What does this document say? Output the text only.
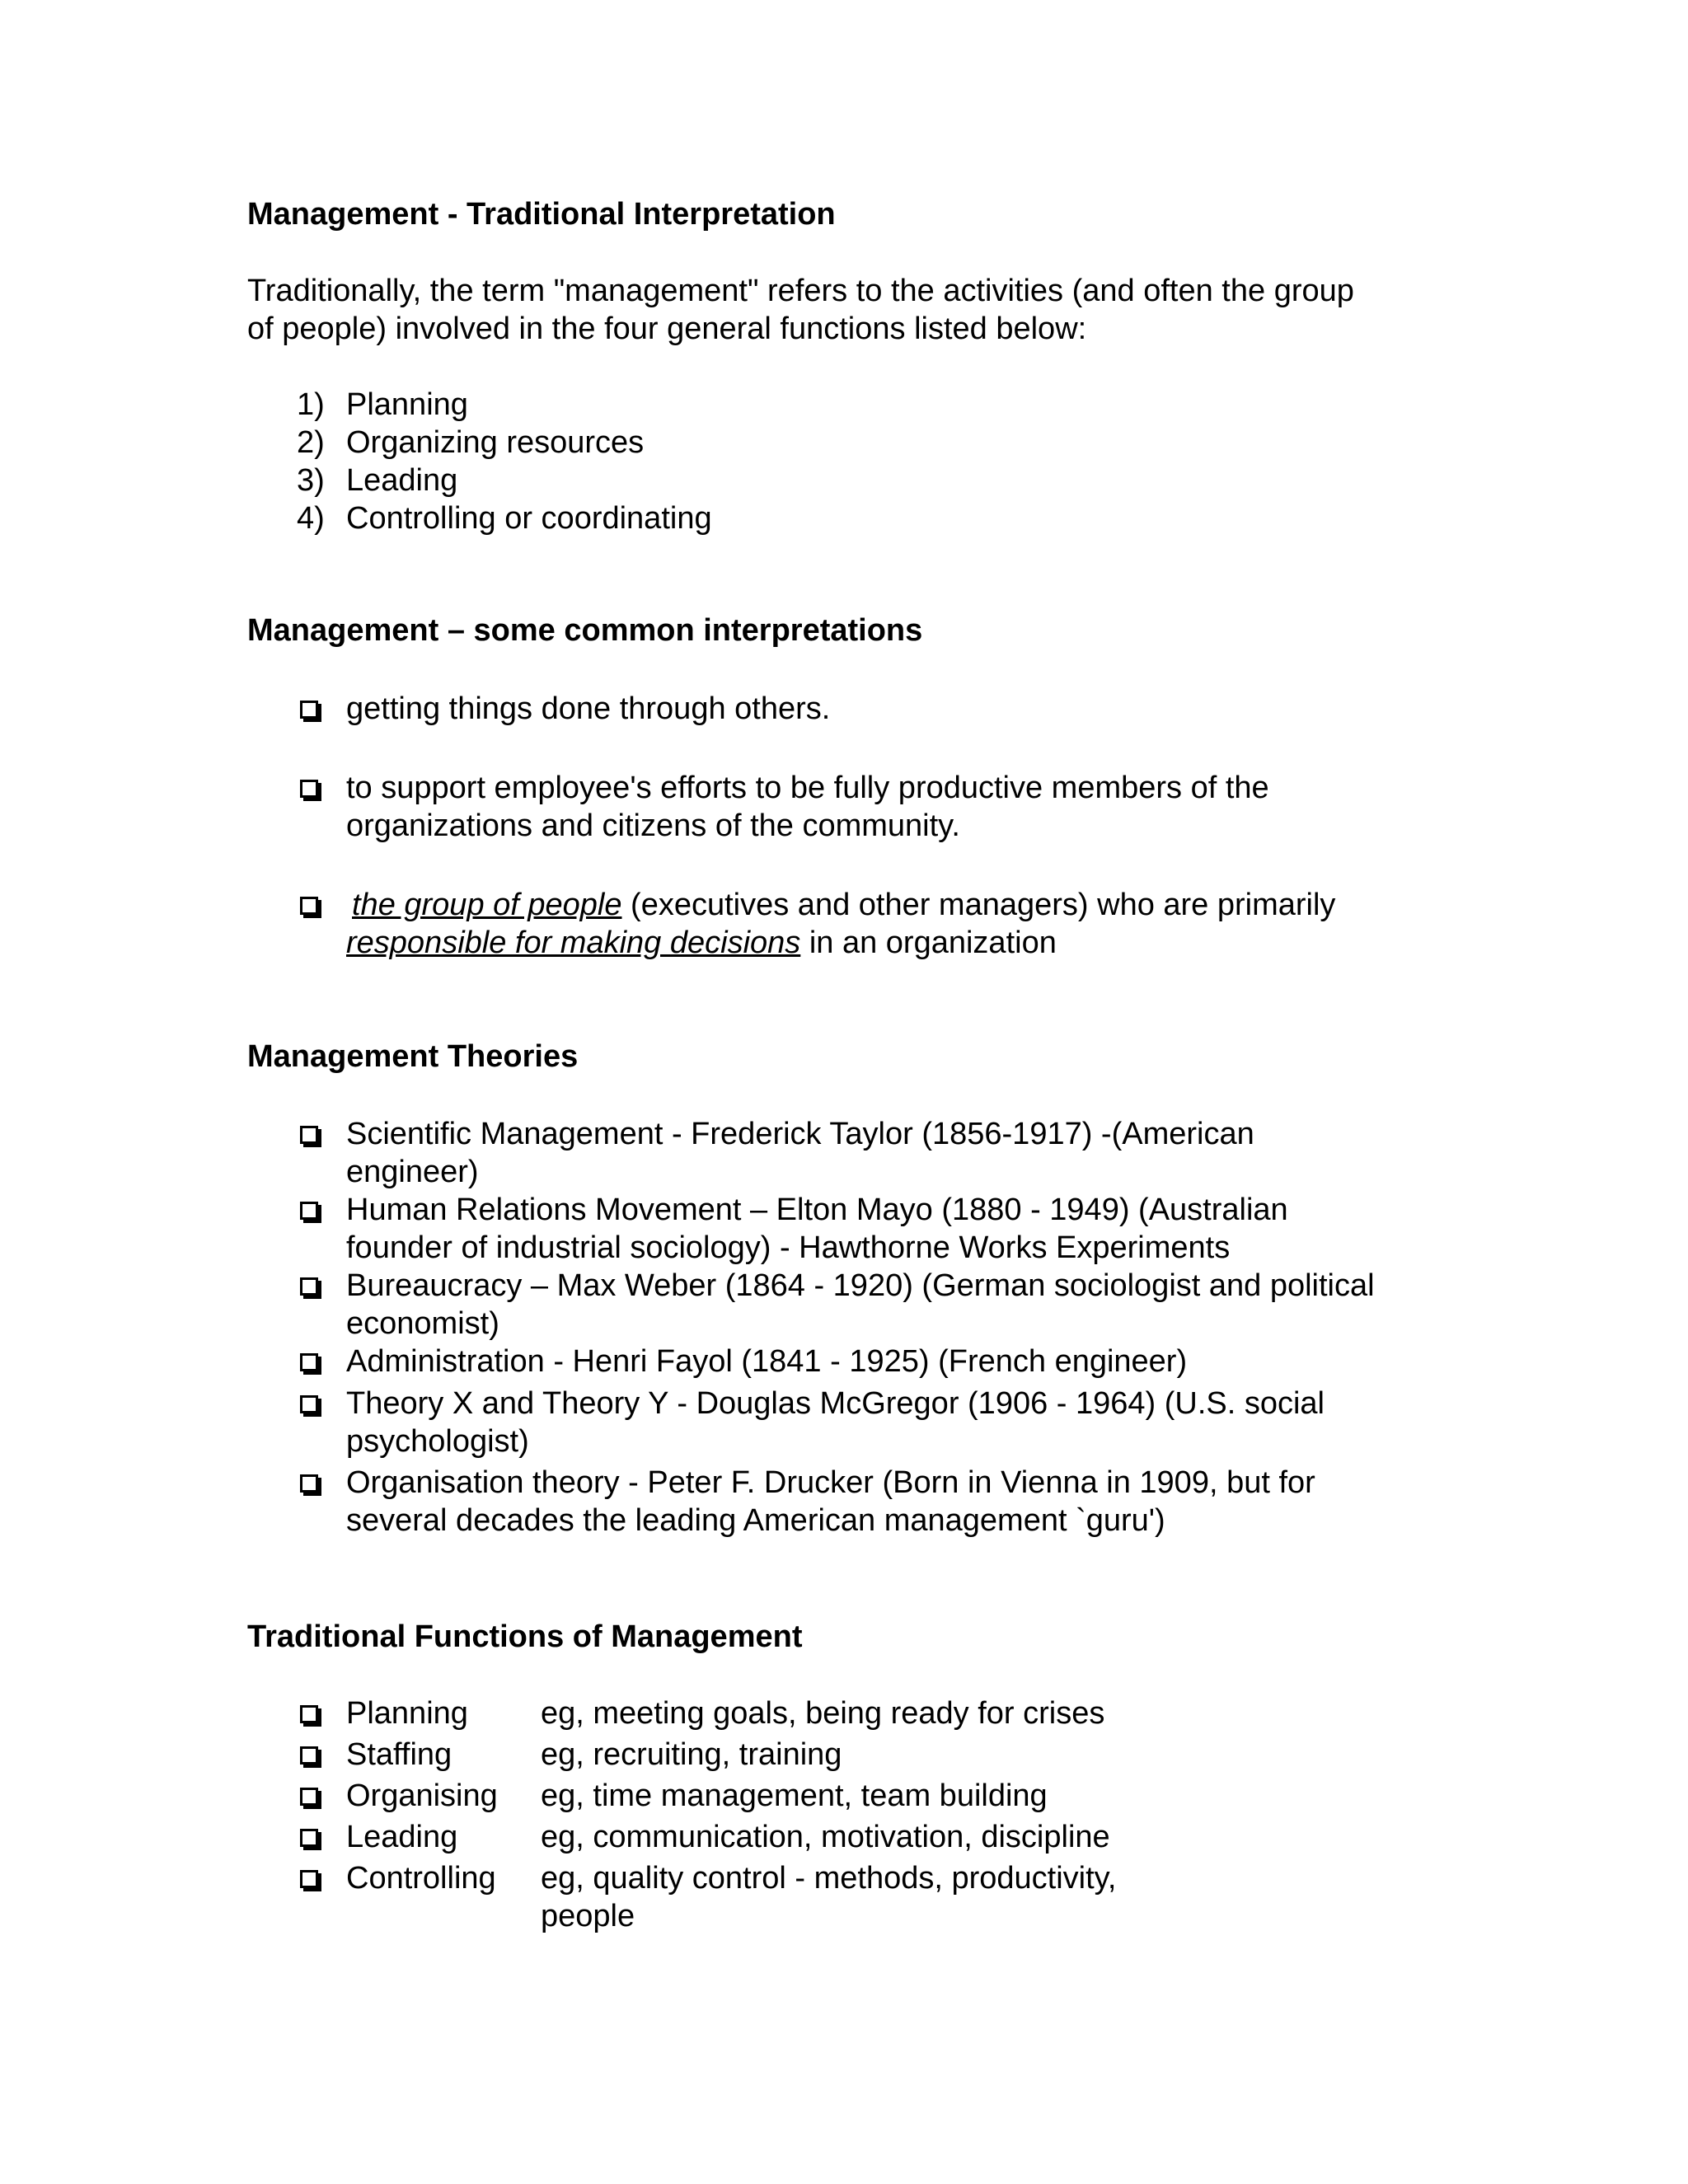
Management - Traditional Interpretation

Traditionally, the term "management" refers to the activities (and often the group

of people) involved in the four general functions listed below:

1) Planning
2) Organizing resources
3) Leading
4) Controlling or coordinating
Management – some common interpretations
getting things done through others.
to support employee's efforts to be fully productive members of the
organizations and citizens of the community.
the group of people (executives and other managers) who are primarily
responsible for making decisions in an organization
Management Theories
Scientific Management - Frederick Taylor (1856-1917) -(American
engineer)
Human Relations Movement – Elton Mayo (1880 - 1949) (Australian
founder of industrial sociology) - Hawthorne Works Experiments
Bureaucracy – Max Weber (1864 - 1920) (German sociologist and political
economist)
Administration - Henri Fayol (1841 - 1925) (French engineer)
Theory X and Theory Y - Douglas McGregor (1906 - 1964) (U.S. social
psychologist)
Organisation theory - Peter F. Drucker (Born in Vienna in 1909, but for
several decades the leading American management `guru')
Traditional Functions of Management
Planning eg, meeting goals, being ready for crises
Staffing	eg, recruiting, training
Organising eg, time management, team building
Leading	eg, communication, motivation, discipline
Controlling eg, quality control - methods, productivity,
people
